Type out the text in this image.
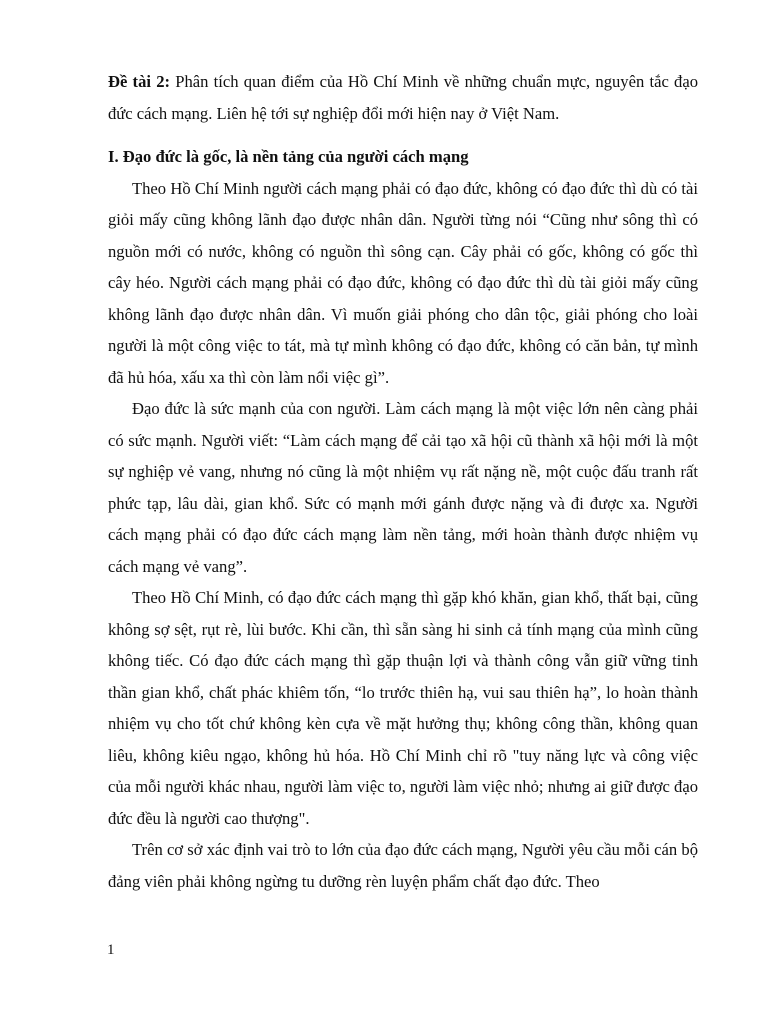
Đề tài 2: Phân tích quan điểm của Hồ Chí Minh về những chuẩn mực, nguyên tắc đạo đức cách mạng. Liên hệ tới sự nghiệp đổi mới hiện nay ở Việt Nam.

I. Đạo đức là gốc, là nền tảng của người cách mạng

Theo Hồ Chí Minh người cách mạng phải có đạo đức, không có đạo đức thì dù có tài giỏi mấy cũng không lãnh đạo được nhân dân. Người từng nói “Cũng như sông thì có nguồn mới có nước, không có nguồn thì sông cạn. Cây phải có gốc, không có gốc thì cây héo. Người cách mạng phải có đạo đức, không có đạo đức thì dù tài giỏi mấy cũng không lãnh đạo được nhân dân. Vì muốn giải phóng cho dân tộc, giải phóng cho loài người là một công việc to tát, mà tự mình không có đạo đức, không có căn bản, tự mình đã hủ hóa, xấu xa thì còn làm nổi việc gì”.

Đạo đức là sức mạnh của con người. Làm cách mạng là một việc lớn nên càng phải có sức mạnh. Người viết: “Làm cách mạng để cải tạo xã hội cũ thành xã hội mới là một sự nghiệp vẻ vang, nhưng nó cũng là một nhiệm vụ rất nặng nề, một cuộc đấu tranh rất phức tạp, lâu dài, gian khổ. Sức có mạnh mới gánh được nặng và đi được xa. Người cách mạng phải có đạo đức cách mạng làm nền tảng, mới hoàn thành được nhiệm vụ cách mạng vẻ vang”.

Theo Hồ Chí Minh, có đạo đức cách mạng thì gặp khó khăn, gian khổ, thất bại, cũng không sợ sệt, rụt rè, lùi bước. Khi cần, thì sẵn sàng hi sinh cả tính mạng của mình cũng không tiếc. Có đạo đức cách mạng thì gặp thuận lợi và thành công vẫn giữ vững tinh thần gian khổ, chất phác khiêm tốn, “lo trước thiên hạ, vui sau thiên hạ”, lo hoàn thành nhiệm vụ cho tốt chứ không kèn cựa về mặt hưởng thụ; không công thần, không quan liêu, không kiêu ngạo, không hủ hóa. Hồ Chí Minh chỉ rõ "tuy năng lực và công việc của mỗi người khác nhau, người làm việc to, người làm việc nhỏ; nhưng ai giữ được đạo đức đều là người cao thượng".

Trên cơ sở xác định vai trò to lớn của đạo đức cách mạng, Người yêu cầu mỗi cán bộ đảng viên phải không ngừng tu dưỡng rèn luyện phẩm chất đạo đức. Theo

1
